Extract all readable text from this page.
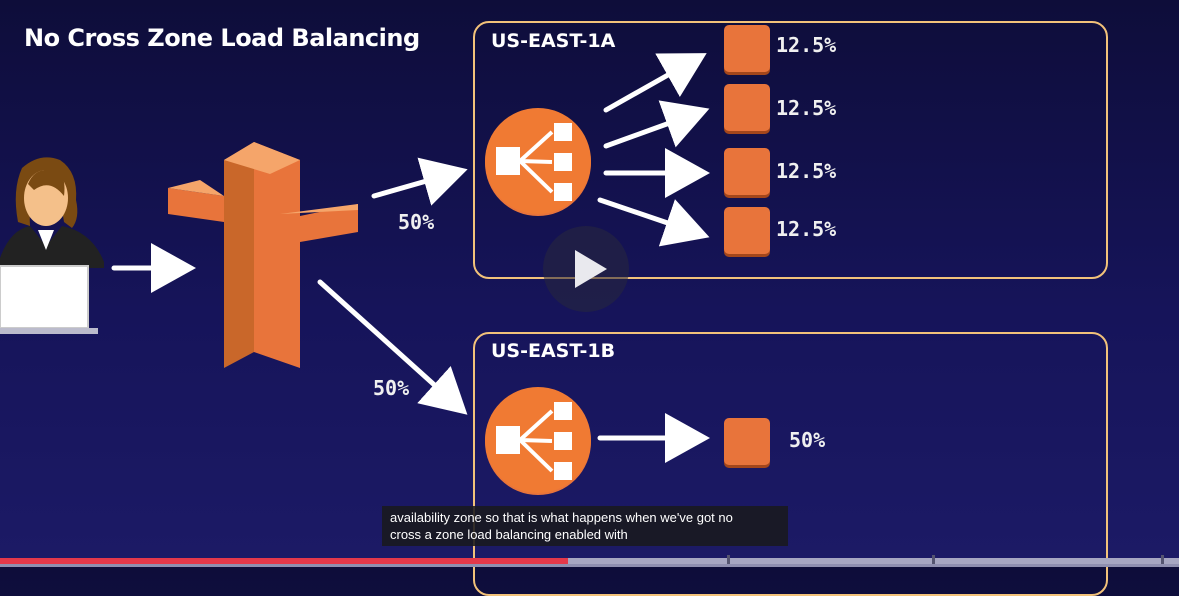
No Cross Zone Load Balancing
50%
50%
US-EAST-1A	12.5%
12.5%
12.5%
12.5%
US-EAST-1B
50%
availability zone so that is what happens when we've got no
cross a zone load balancing enabled with
